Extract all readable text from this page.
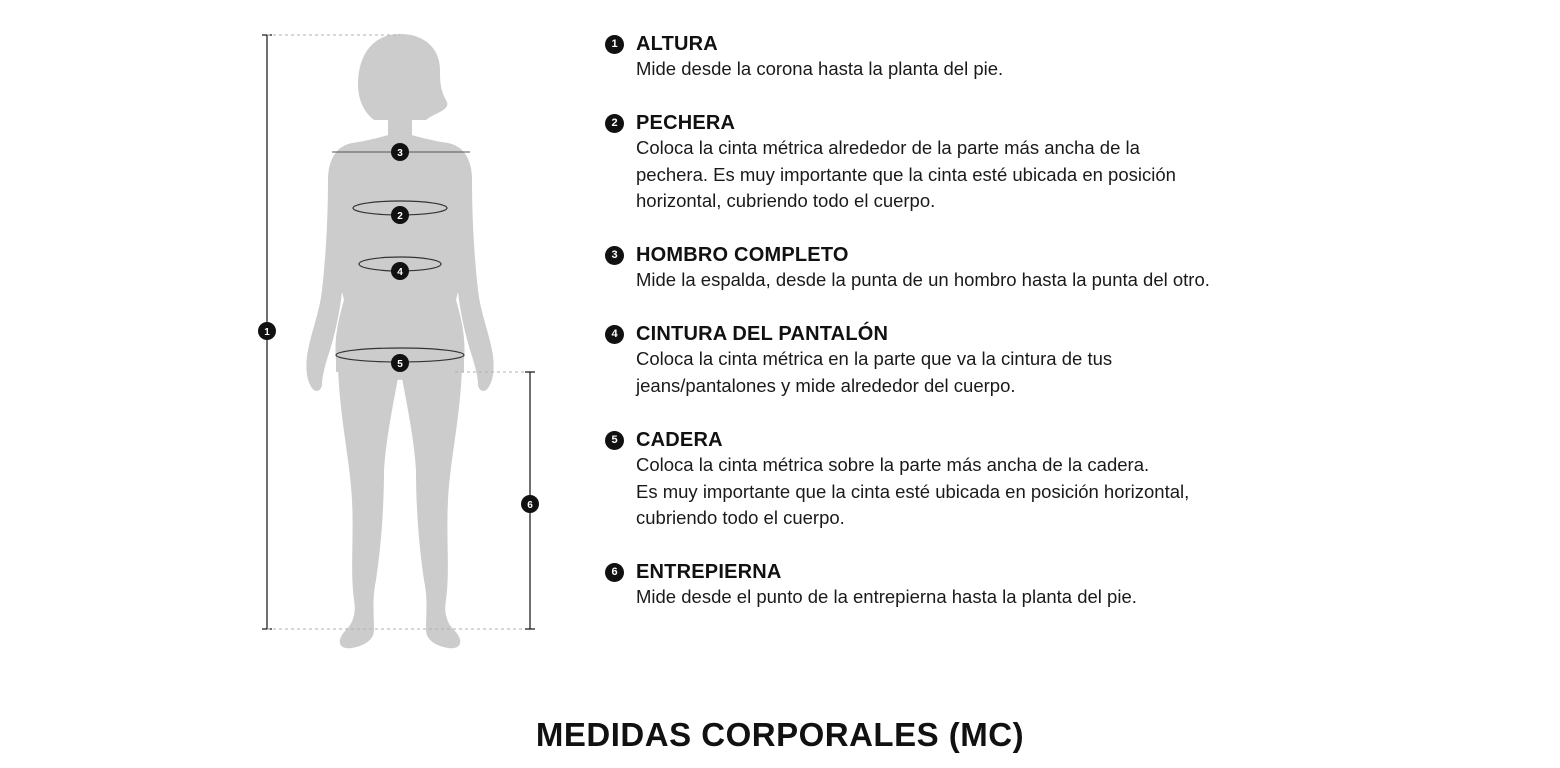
1
3
2
4
5
6
1 ALTURA
Mide desde la corona hasta la planta del pie.
2 PECHERA
Coloca la cinta métrica alrededor de la parte más ancha de la
pechera. Es muy importante que la cinta esté ubicada en posición
horizontal, cubriendo todo el cuerpo.
3 HOMBRO COMPLETO
Mide la espalda, desde la punta de un hombro hasta la punta del otro.
4 CINTURA DEL PANTALÓN
Coloca la cinta métrica en la parte que va la cintura de tus
jeans/pantalones y mide alrededor del cuerpo.
5 CADERA
Coloca la cinta métrica sobre la parte más ancha de la cadera.
Es muy importante que la cinta esté ubicada en posición horizontal,
cubriendo todo el cuerpo.
6 ENTREPIERNA
Mide desde el punto de la entrepierna hasta la planta del pie.
MEDIDAS CORPORALES (MC)
